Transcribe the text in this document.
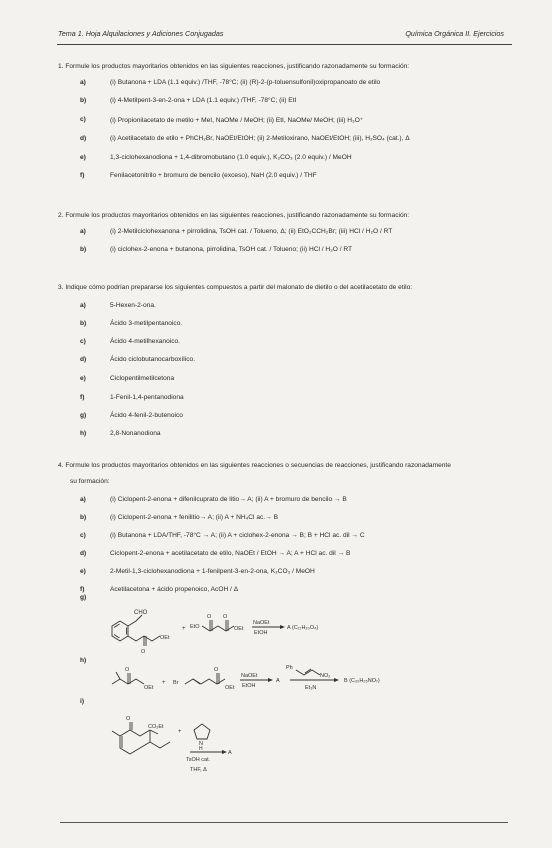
Tema 1. Hoja Alquilaciones y Adiciones Conjugadas	Química Orgánica II. Ejercicios
1. Formule los productos mayoritarios obtenidos en las siguientes reacciones, justificando razonadamente su formación:
a)	(i) Butanona + LDA (1.1 equiv.) /THF, -78°C; (ii) (R)-2-(p-toluensulfonil)oxipropanoato de etilo
b)	(i) 4-Metilpent-3-en-2-ona + LDA (1.1 equiv.) /THF, -78°C; (ii) EtI
c)	(i) Propionilacetato de metilo + MeI, NaOMe / MeOH; (ii) EtI, NaOMe/ MeOH; (iii) H₃O⁺
d)	(i) Acetilacetato de etilo + PhCH₂Br, NaOEt/EtOH; (ii) 2-Metiloxirano, NaOEt/EtOH; (iii), H₂SO₄ (cat.), Δ
e)	1,3-ciclohexanodiona + 1,4-dibromobutano (1.0 equiv.), K₂CO₃ (2.0 equiv.) / MeOH
f)	Fenilacetonitrilo + bromuro de bencilo (exceso), NaH (2.0 equiv.) / THF
2. Formule los productos mayoritarios obtenidos en las siguientes reacciones, justificando razonadamente su formación:
a)	(i) 2-Metilciclohexanona + pirrolidina, TsOH cat. / Tolueno, Δ; (ii) EtO₂CCH₂Br; (iii) HCl / H₂O / RT
b)	(i) ciclohex-2-enona + butanona, pirrolidina, TsOH cat. / Tolueno; (ii) HCl / H₂O / RT
3. Indique cómo podrían prepararse los siguientes compuestos a partir del malonato de dietilo o del acetilacetato de etilo:
a)	5-Hexen-2-ona.
b)	Ácido 3-metilpentanoico.
c)	Ácido 4-metilhexanoico.
d)	Ácido ciclobutanocarboxílico.
e)	Ciclopentilmetilcetona
f)	1-Fenil-1,4-pentanodiona
g)	Ácido 4-fenil-2-butenoico
h)	2,8-Nonanodiona
4. Formule los productos mayoritarios obtenidos en las siguientes reacciones o secuencias de reacciones, justificando razonadamente
su formación:
a)	(i) Ciclopent-2-enona + difenilcuprato de litio→ A; (ii) A + bromuro de bencilo → B
b)	(i) Ciclopent-2-enona + fenilitio→ A; (ii) A + NH₄Cl ac.→ B
c)	(i) Butanona + LDA/THF, -78°C → A; (ii) A + ciclohex-2-enona → B; B + HCl ac. dil → C
d)	Ciclopent-2-enona + acetilacetato de etilo, NaOEt / EtOH → A; A + HCl ac. dil → B
e)	2-Metil-1,3-ciclohexanodiona + 1-fenilpent-3-en-2-ona, K₂CO₃ / MeOH
f)	Acetilacetona + ácido propenoico, AcOH / Δ
g)
CHO
OEt
O
+ EtO	OEt
O O
NaOEt
EtOH
A (C₁₇H₂₀O₄)
h)
OEt
O
+ Br
OEt
O
NaOEt
EtOH
A
Ph
NO₂
Et₃N
B (C₂₀H₂₅NO₇)
i)
O
CO₂Et
+
N
H
A
TsOH cat.
THF, Δ
